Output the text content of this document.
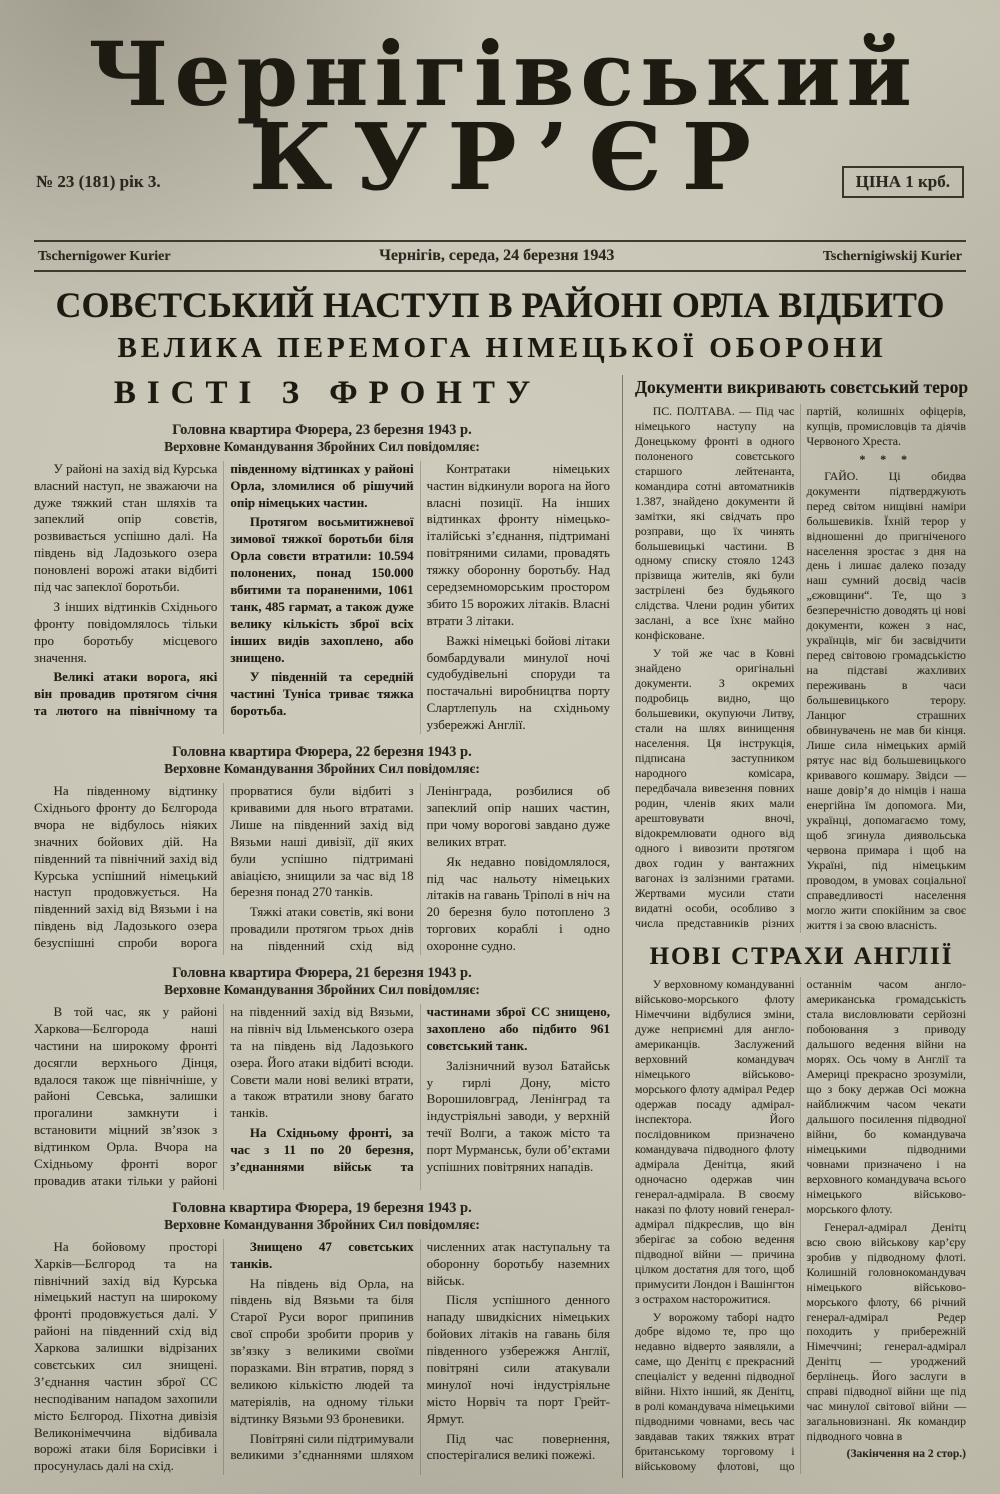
№ 23 (181) рік 3.
Чернігівський
КУР’ЄР	ЦІНА 1 крб.
Tschernigower Kurier	Чернігів, середа, 24 березня 1943	Tschernigiwskij Kurier
СОВЄТСЬКИЙ НАСТУП В РАЙОНІ ОРЛА ВІДБИТО
ВЕЛИКА ПЕРЕМОГА НІМЕЦЬКОЇ ОБОРОНИ
ВІСТІ З ФРОНТУ
Головна квартира Фюрера, 23 березня 1943 р.
Верховне Командування Збройних Сил повідомляє:

У районі на захід від Курська власний наступ, не зважаючи на дуже тяжкий стан шляхів та запеклий опір совєтів, розвивається успішно далі. На південь від Ладозького озера поновлені ворожі атаки відбиті під час запеклої боротьби.

З інших відтинків Східнього фронту повідомлялось тільки про боротьбу місцевого значення.

Великі атаки ворога, які він провадив протягом січня та лютого на північному та південному відтинках у районі Орла, зломилися об рішучий опір німецьких частин.

Протягом восьмитижневої зимової тяжкої боротьби біля Орла совєти втратили: 10.594 полонених, понад 150.000 вбитими та пораненими, 1061 танк, 485 гармат, а також дуже велику кількість зброї всіх інших видів захоплено, або знищено.

У південній та середній частині Туніса триває тяжка боротьба.

Контратаки німецьких частин відкинули ворога на його власні позиції. На інших відтинках фронту німецько-італійські з’єднання, підтримані повітряними силами, провадять тяжку оборонну боротьбу. Над середземноморським простором збито 15 ворожих літаків. Власні втрати 3 літаки.

Важкі німецькі бойові літаки бомбардували минулої ночі судобудівельні споруди та постачальні виробництва порту Слартлепуль на східньому узбережжі Англії.

Головна квартира Фюрера, 22 березня 1943 р.
Верховне Командування Збройних Сил повідомляє:

На південному відтинку Східнього фронту до Бєлгорода вчора не відбулось ніяких значних бойових дій. На південний та північний захід від Курська успішний німецький наступ продовжується. На південний захід від Вязьми і на південь від Ладозького озера безуспішні спроби ворога прорватися були відбиті з кривавими для нього втратами. Лише на південний захід від Вязьми наші дивізії, дії яких були успішно підтримані авіацією, знищили за час від 18 березня понад 270 танків.

Тяжкі атаки совєтів, які вони провадили протягом трьох днів на південний схід від Ленінграда, розбилися об запеклий опір наших частин, при чому ворогові завдано дуже великих втрат.

Як недавно повідомлялося, під час нальоту німецьких літаків на гавань Тріполі в ніч на 20 березня було потоплено 3 торгових кораблі і одно охоронне судно.

Головна квартира Фюрера, 21 березня 1943 р.
Верховне Командування Збройних Сил повідомляє:

В той час, як у районі Харкова—Бєлгорода наші частини на широкому фронті досягли верхнього Дінця, вдалося також ще північніше, у районі Севська, залишки прогалини замкнути і встановити міцний зв’язок з відтинком Орла. Вчора на Східньому фронті ворог провадив атаки тільки у районі на південний захід від Вязьми, на північ від Ільменського озера та на південь від Ладозького озера. Його атаки відбиті всюди. Совєти мали нові великі втрати, а також втратили знову багато танків.

На Східньому фронті, за час з 11 по 20 березня, з’єднаннями військ та частинами зброї СС знищено, захоплено або підбито 961 совєтський танк.

Залізничний вузол Батайськ у гирлі Дону, місто Ворошиловград, Ленінград та індустріяльні заводи, у верхній течії Волги, а також місто та порт Мурманськ, були об’єктами успішних повітряних нападів.

Головна квартира Фюрера, 19 березня 1943 р.
Верховне Командування Збройних Сил повідомляє:

На бойовому просторі Харків—Бєлгород та на північний захід від Курська німецький наступ на широкому фронті продовжується далі. У районі на південний схід від Харкова залишки відрізаних совєтських сил знищені. З’єднання частин зброї СС несподіваним нападом захопили місто Бєлгород. Піхотна дивізія Великонімеччина відбивала ворожі атаки біля Борисівки і просунулась далі на схід.

Знищено 47 совєтських танків.

На південь від Орла, на південь від Вязьми та біля Старої Руси ворог припинив свої спроби зробити прорив у зв’язку з великими своїми поразками. Він втратив, поряд з великою кількістю людей та матеріялів, на одному тільки відтинку Вязьми 93 броневики.

Повітряні сили підтримували великими з’єднаннями шляхом численних атак наступальну та оборонну боротьбу наземних військ.

Після успішного денного нападу швидкісних німецьких бойових літаків на гавань біля південного узбережжя Англії, повітряні сили атакували минулої ночі індустріяльне місто Норвіч та порт Грейт-Ярмут.

Під час повернення, спостерігалися великі пожежі.

Документи викривають совєтський терор

ПС. ПОЛТАВА. — Під час німецького наступу на Донецькому фронті в одного полоненого совєтського старшого лейтенанта, командира сотні автоматників 1.387, знайдено документи й замітки, які свідчать про розправи, що їх чинять большевицькі частини. В одному списку стояло 1243 прізвища жителів, які були застрілені без будьякого слідства. Члени родин убитих заслані, а все їхнє майно конфісковане.

У той же час в Ковні знайдено оригінальні документи. З окремих подробиць видно, що большевики, окупуючи Литву, стали на шлях винищення населення. Ця інструкція, підписана заступником народного комісара, передбачала вивезення повних родин, членів яких мали арештовувати вночі, відокремлювати одного від одного і вивозити протягом двох годин у вантажних вагонах із залізними гратами. Жертвами мусили стати видатні особи, особливо з числа представників різних партій, колишніх офіцерів, купців, промисловців та діячів Червоного Хреста.

* * *

ГАЙО. Ці обидва документи підтверджують перед світом нищівні наміри большевиків. Їхній терор у відношенні до пригніченого населення зростає з дня на день і лишає далеко позаду наш сумний досвід часів „єжовщини“. Те, що з безперечністю доводять ці нові документи, кожен з нас, українців, міг би засвідчити перед світовою громадськістю на підставі жахливих переживань в часи большевицького терору. Ланцюг страшних обвинувачень не мав би кінця. Лише сила німецьких армій рятує нас від большевицького кривавого кошмару. Звідси — наше довір’я до німців і наша енергійна їм допомога. Ми, українці, допомагаємо тому, щоб згинула диявольська червона примара і щоб на Україні, під німецьким проводом, в умовах соціальної справедливості населення могло жити спокійним за своє життя і за свою власність.

НОВІ СТРАХИ АНГЛІЇ

У верховному командуванні військово-морського флоту Німеччини відбулися зміни, дуже неприємні для англо-американців. Заслужений верховний командувач німецького військово-морського флоту адмірал Редер одержав посаду адмірал-інспектора. Його послідовником призначено командувача підводного флоту адмірала Денітца, який одночасно одержав чин генерал-адмірала. В своєму наказі по флоту новий генерал-адмірал підкреслив, що він зберігає за собою ведення підводної війни — причина цілком достатня для того, щоб примусити Лондон і Вашінгтон з острахом насторожитися.

У ворожому таборі надто добре відомо те, про що недавно відверто заявляли, а саме, що Денітц є прекрасний спеціаліст у веденні підводної війни. Ніхто інший, як Денітц, в ролі командувача німецькими підводними човнами, весь час завдавав таких тяжких втрат британському торговому і військовому флотові, що останнім часом англо-американська громадськість стала висловлювати серйозні побоювання з приводу дальшого ведення війни на морях. Ось чому в Англії та Америці прекрасно зрозуміли, що з боку держав Осі можна найближчим часом чекати дальшого посилення підводної війни, бо командувача німецькими підводними човнами призначено і на верховного командувача всього німецького військово-морського флоту.

Генерал-адмірал Денітц всю свою військову кар’єру зробив у підводному флоті. Колишній головнокомандувач німецького військово-морського флоту, 66 річний генерал-адмірал Редер походить у прибережній Німеччині; генерал-адмірал Денітц — уроджений берлінець. Його заслуги в справі підводної війни ще під час минулої світової війни — загальновизнані. Як командир підводного човна в

(Закінчення на 2 стор.)
